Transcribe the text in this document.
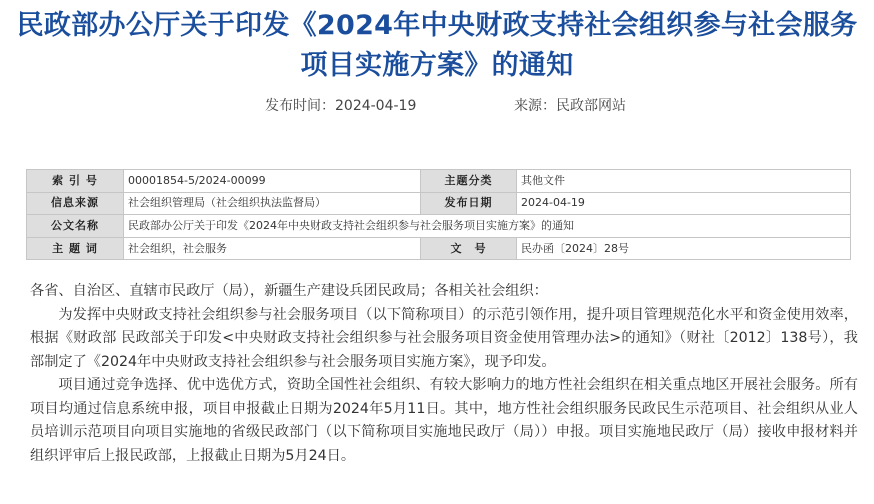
民政部办公厅关于印发《2024年中央财政支持社会组织参与社会服务
项目实施方案》的通知
发布时间：2024-04-19	来源：民政部网站
索 引 号	00001854-5/2024-00099	主题分类	其他文件
信息来源	社会组织管理局（社会组织执法监督局）	发布日期	2024-04-19
公文名称	民政部办公厅关于印发《2024年中央财政支持社会组织参与社会服务项目实施方案》的通知		
主 题 词	社会组织，社会服务	文　号	民办函〔2024〕28号

各省、自治区、直辖市民政厅（局），新疆生产建设兵团民政局；各相关社会组织：

为发挥中央财政支持社会组织参与社会服务项目（以下简称项目）的示范引领作用，提升项目管理规范化水平和资金使用效率，根据《财政部 民政部关于印发<中央财政支持社会组织参与社会服务项目资金使用管理办法>的通知》（财社〔2012〕138号），我部制定了《2024年中央财政支持社会组织参与社会服务项目实施方案》，现予印发。

项目通过竞争选择、优中选优方式，资助全国性社会组织、有较大影响力的地方性社会组织在相关重点地区开展社会服务。所有项目均通过信息系统申报，项目申报截止日期为2024年5月11日。其中，地方性社会组织服务民政民生示范项目、社会组织从业人员培训示范项目向项目实施地的省级民政部门（以下简称项目实施地民政厅（局））申报。项目实施地民政厅（局）接收申报材料并组织评审后上报民政部，上报截止日期为5月24日。
